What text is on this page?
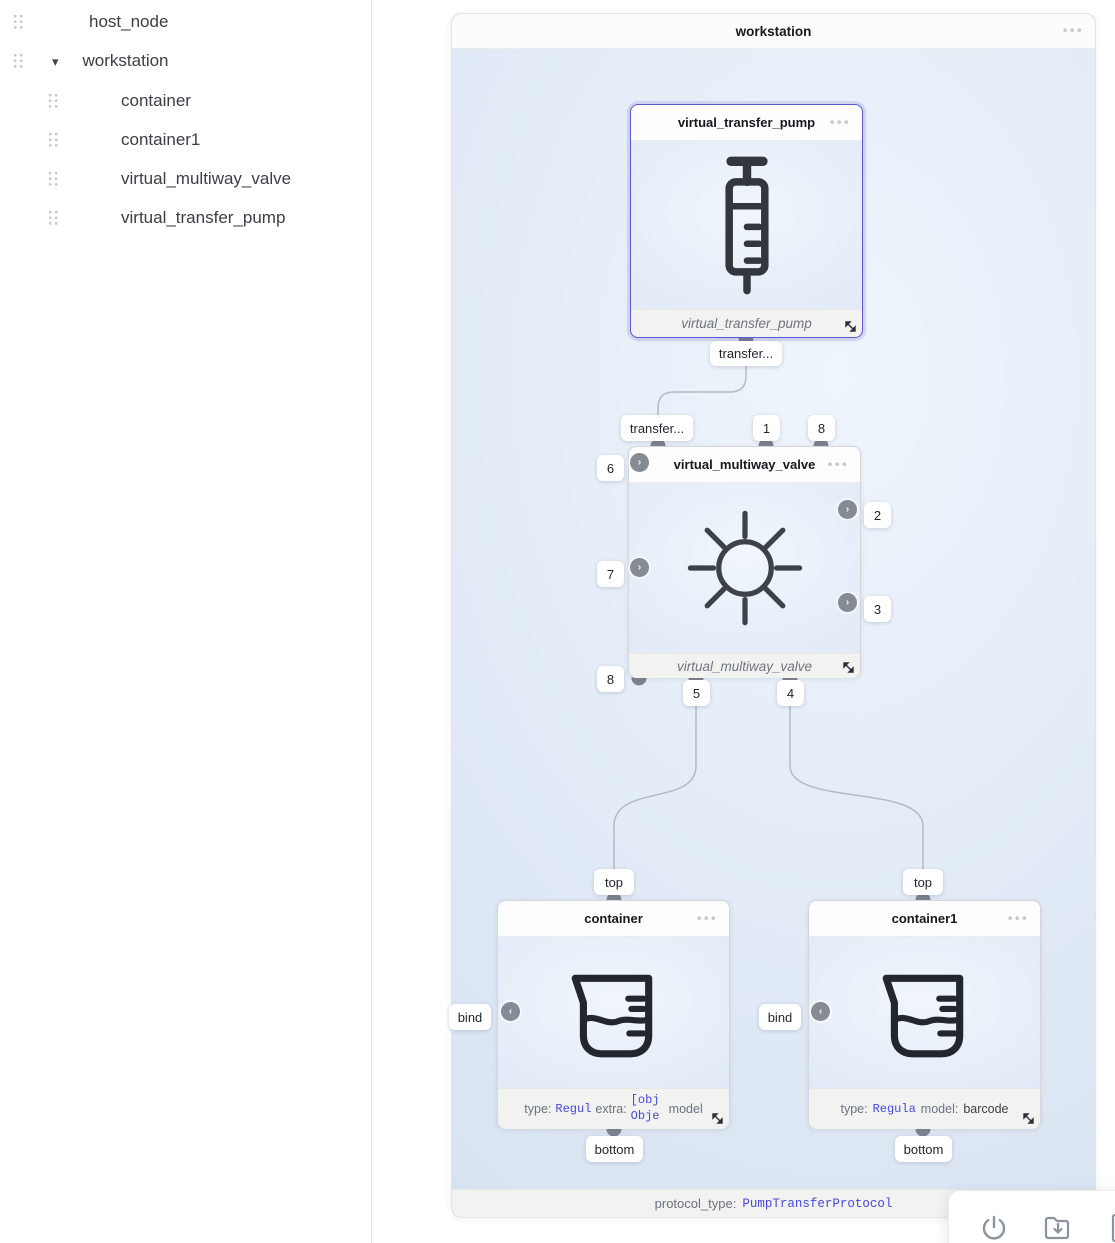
host_node
▾ workstation
container
container1
virtual_multiway_valve
virtual_transfer_pump
workstation	•••
virtual_transfer_pump •••
virtual_transfer_pump
virtual_multiway_valve •••
virtual_multiway_valve
container	•••
type: Regul extra:
[obj Obje model
container1	•••
type: Regula model: barcode
›
›
›
›
‹	‹
transfer...
transfer...	1	8
6
7
8
2
3
5	4
top	top
bind	bind
bottom	bottom
protocol_type: PumpTransferProtocol
